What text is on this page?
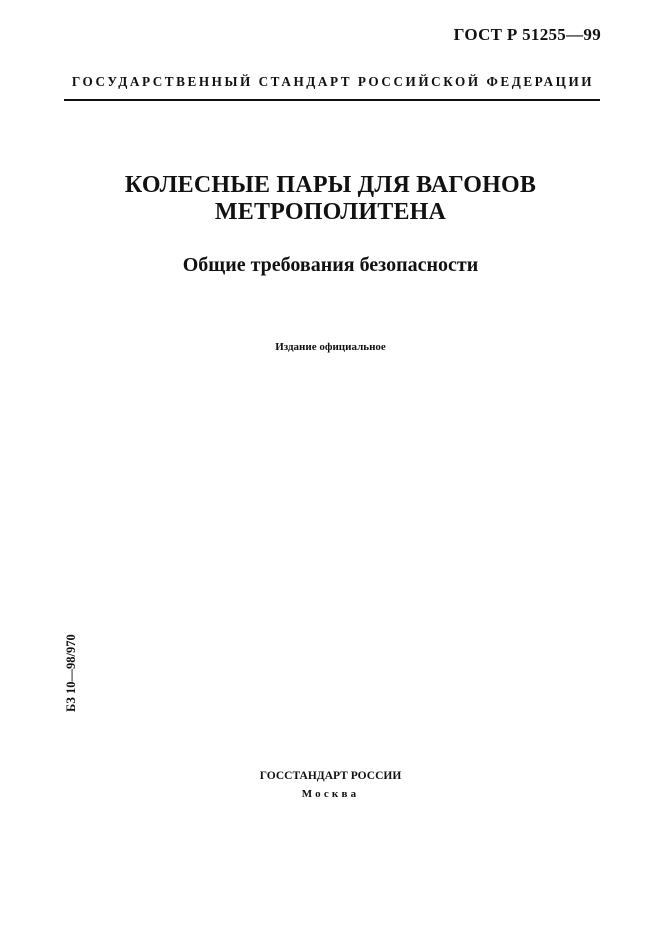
ГОСТ Р 51255—99
ГОСУДАРСТВЕННЫЙ СТАНДАРТ РОССИЙСКОЙ ФЕДЕРАЦИИ
КОЛЕСНЫЕ ПАРЫ ДЛЯ ВАГОНОВ
МЕТРОПОЛИТЕНА
Общие требования безопасности
Издание официальное
БЗ 10—98/970
ГОССТАНДАРТ РОССИИ
Москва
